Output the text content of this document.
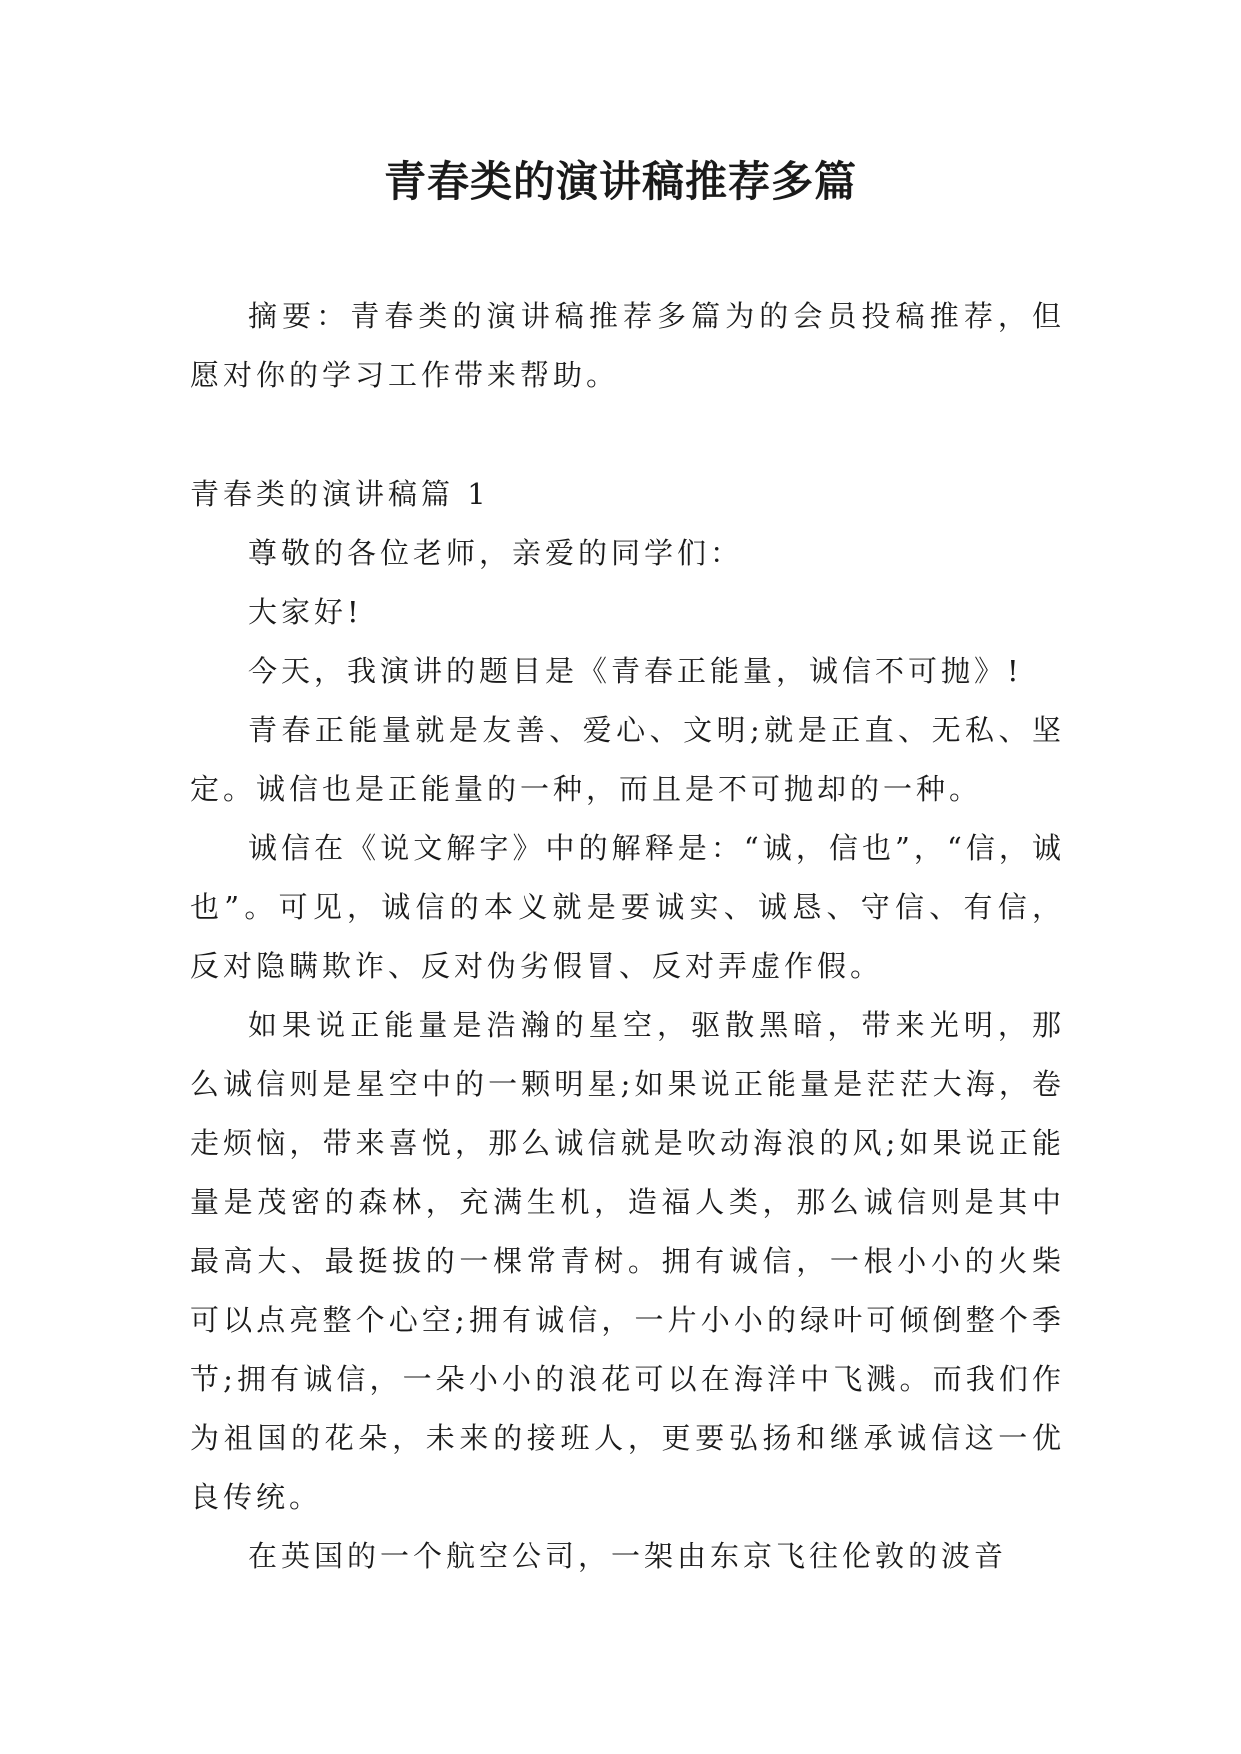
青春类的演讲稿推荐多篇

摘要：青春类的演讲稿推荐多篇为的会员投稿推荐，但愿对你的学习工作带来帮助。

青春类的演讲稿篇 1

尊敬的各位老师，亲爱的同学们：

大家好!

今天，我演讲的题目是《青春正能量，诚信不可抛》!

青春正能量就是友善、爱心、文明;就是正直、无私、坚定。诚信也是正能量的一种，而且是不可抛却的一种。

诚信在《说文解字》中的解释是：“诚，信也”，“信，诚也”。可见，诚信的本义就是要诚实、诚恳、守信、有信，反对隐瞒欺诈、反对伪劣假冒、反对弄虚作假。

如果说正能量是浩瀚的星空，驱散黑暗，带来光明，那么诚信则是星空中的一颗明星;如果说正能量是茫茫大海，卷走烦恼，带来喜悦，那么诚信就是吹动海浪的风;如果说正能量是茂密的森林，充满生机，造福人类，那么诚信则是其中最高大、最挺拔的一棵常青树。拥有诚信，一根小小的火柴可以点亮整个心空;拥有诚信，一片小小的绿叶可倾倒整个季节;拥有诚信，一朵小小的浪花可以在海洋中飞溅。而我们作为祖国的花朵，未来的接班人，更要弘扬和继承诚信这一优良传统。

在英国的一个航空公司，一架由东京飞往伦敦的波音
